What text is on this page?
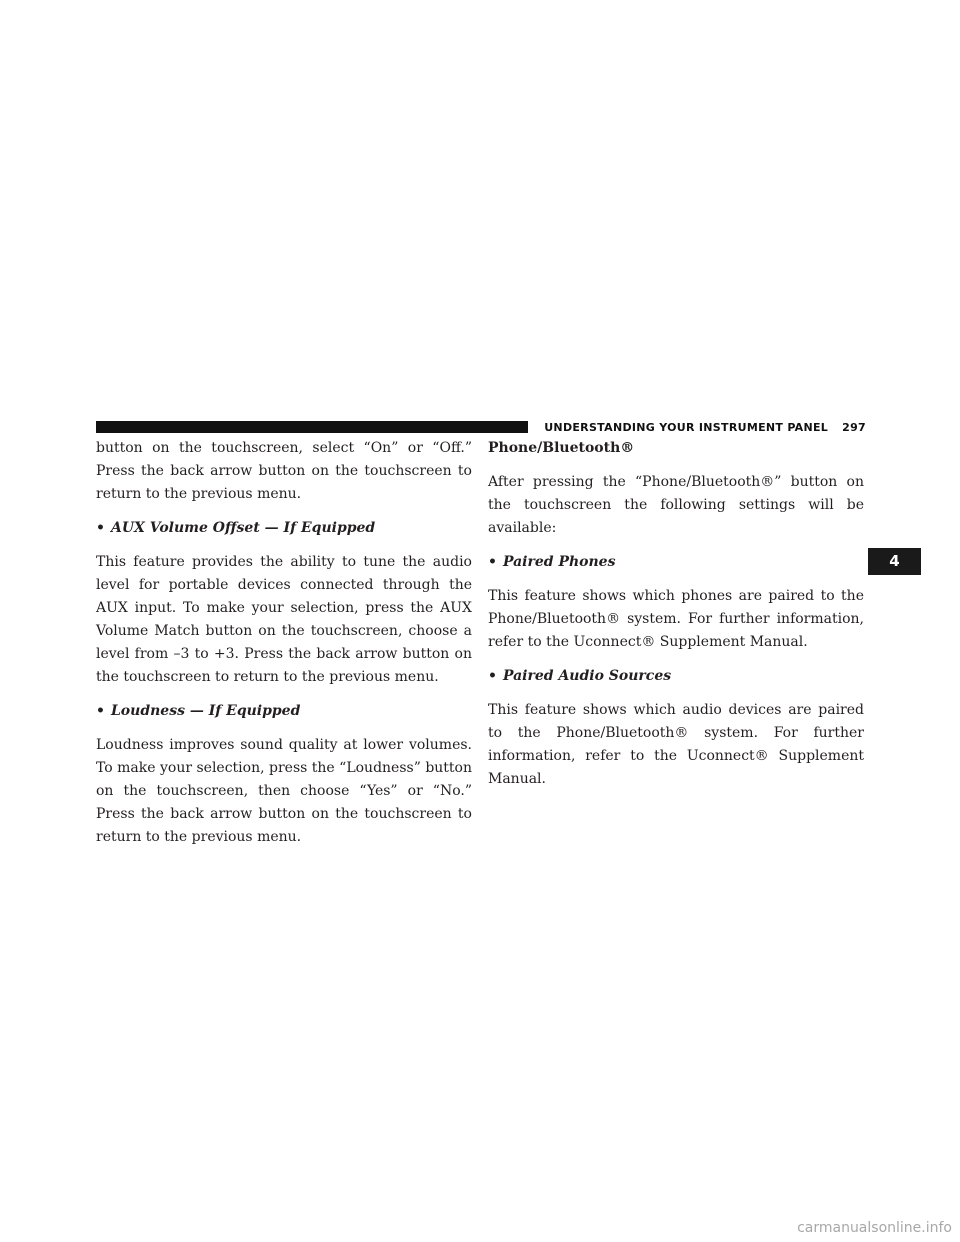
UNDERSTANDING YOUR INSTRUMENT PANEL 297

button on the touchscreen, select “On” or “Off.” Press the back arrow button on the touchscreen to return to the previous menu.

• AUX Volume Offset — If Equipped

This feature provides the ability to tune the audio level for portable devices connected through the AUX input. To make your selection, press the AUX Volume Match button on the touchscreen, choose a level from –3 to +3. Press the back arrow button on the touchscreen to return to the previous menu.

• Loudness — If Equipped

Loudness improves sound quality at lower volumes. To make your selection, press the “Loudness” button on the touchscreen, then choose “Yes” or “No.” Press the back arrow button on the touchscreen to return to the previous menu.

Phone/Bluetooth®

After pressing the “Phone/Bluetooth®” button on the touchscreen the following settings will be available:

• Paired Phones

This feature shows which phones are paired to the Phone/Bluetooth® system. For further information, refer to the Uconnect® Supplement Manual.

• Paired Audio Sources

This feature shows which audio devices are paired to the Phone/Bluetooth® system. For further information, refer to the Uconnect® Supplement Manual.

4
carmanualsonline.info
